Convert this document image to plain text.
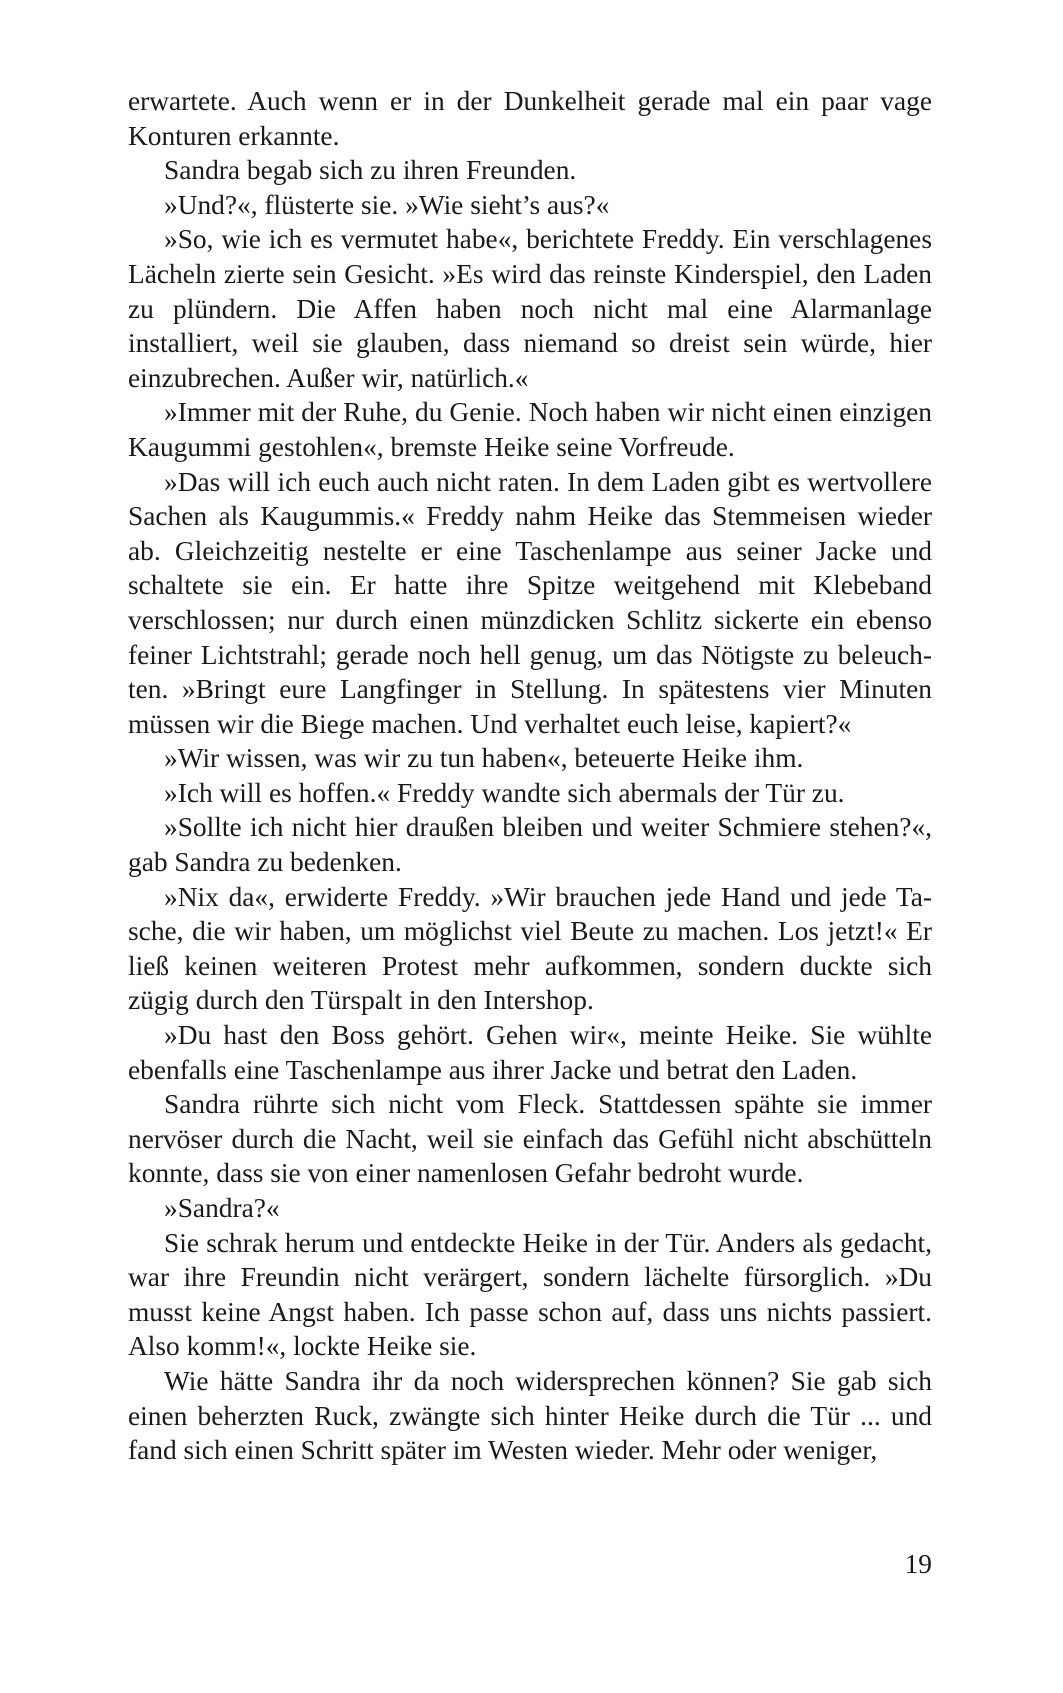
erwartete. Auch wenn er in der Dunkelheit gerade mal ein paar vage Konturen erkannte.

Sandra begab sich zu ihren Freunden.

»Und?«, flüsterte sie. »Wie sieht’s aus?«

»So, wie ich es vermutet habe«, berichtete Freddy. Ein verschlagenes Lächeln zierte sein Gesicht. »Es wird das reinste Kinderspiel, den Laden zu plündern. Die Affen haben noch nicht mal eine Alarmanlage installiert, weil sie glauben, dass niemand so dreist sein würde, hier einzubrechen. Außer wir, natürlich.«

»Immer mit der Ruhe, du Genie. Noch haben wir nicht einen einzigen Kaugummi gestohlen«, bremste Heike seine Vorfreude.

»Das will ich euch auch nicht raten. In dem Laden gibt es wertvollere Sachen als Kaugummis.« Freddy nahm Heike das Stemmeisen wieder ab. Gleichzeitig nestelte er eine Taschenlampe aus seiner Jacke und schaltete sie ein. Er hatte ihre Spitze weitgehend mit Klebeband verschlossen; nur durch einen münzdicken Schlitz sickerte ein ebenso feiner Lichtstrahl; gerade noch hell genug, um das Nötigste zu beleuchten. »Bringt eure Langfinger in Stellung. In spätestens vier Minuten müssen wir die Biege machen. Und verhaltet euch leise, kapiert?«

»Wir wissen, was wir zu tun haben«, beteuerte Heike ihm.

»Ich will es hoffen.« Freddy wandte sich abermals der Tür zu.

»Sollte ich nicht hier draußen bleiben und weiter Schmiere stehen?«, gab Sandra zu bedenken.

»Nix da«, erwiderte Freddy. »Wir brauchen jede Hand und jede Tasche, die wir haben, um möglichst viel Beute zu machen. Los jetzt!« Er ließ keinen weiteren Protest mehr aufkommen, sondern duckte sich zügig durch den Türspalt in den Intershop.

»Du hast den Boss gehört. Gehen wir«, meinte Heike. Sie wühlte ebenfalls eine Taschenlampe aus ihrer Jacke und betrat den Laden.

Sandra rührte sich nicht vom Fleck. Stattdessen spähte sie immer nervöser durch die Nacht, weil sie einfach das Gefühl nicht abschütteln konnte, dass sie von einer namenlosen Gefahr bedroht wurde.

»Sandra?«

Sie schrak herum und entdeckte Heike in der Tür. Anders als gedacht, war ihre Freundin nicht verärgert, sondern lächelte fürsorglich. »Du musst keine Angst haben. Ich passe schon auf, dass uns nichts passiert. Also komm!«, lockte Heike sie.

Wie hätte Sandra ihr da noch widersprechen können? Sie gab sich einen beherzten Ruck, zwängte sich hinter Heike durch die Tür ... und fand sich einen Schritt später im Westen wieder. Mehr oder weniger,

19
